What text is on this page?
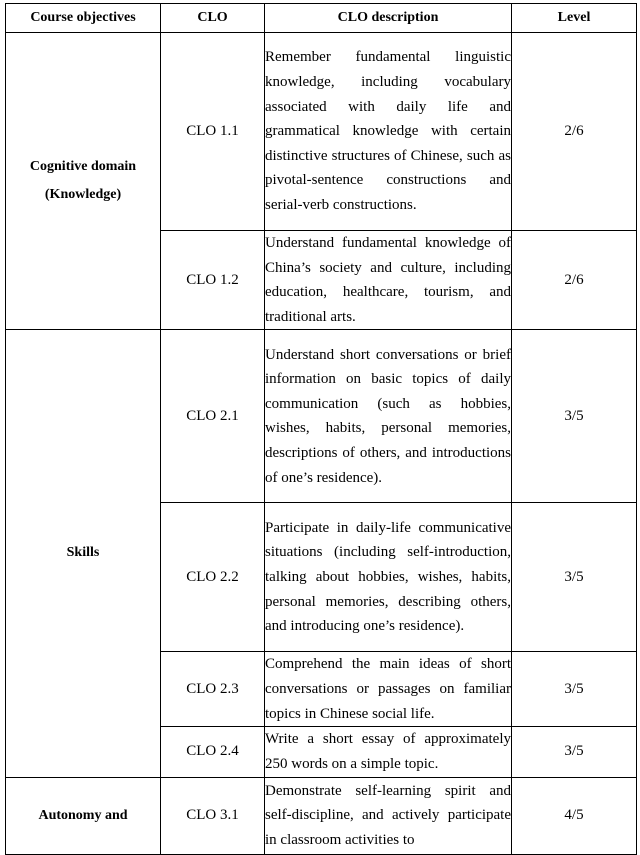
Course objectives	CLO	CLO description	Level

Cognitive domain
(Knowledge)	CLO 1.1	Remember fundamental linguistic knowledge, including vocabulary associated with daily life and grammatical knowledge with certain distinctive structures of Chinese, such as pivotal-sentence constructions and serial-verb constructions.	2/6
	CLO 1.2	Understand fundamental knowledge of China’s society and culture, including education, healthcare, tourism, and traditional arts.	2/6
Skills	CLO 2.1	Understand short conversations or brief information on basic topics of daily communication (such as hobbies, wishes, habits, personal memories, descriptions of others, and introductions of one’s residence).	3/5
	CLO 2.2	Participate in daily-life communicative situations (including self-introduction, talking about hobbies, wishes, habits, personal memories, describing others, and introducing one’s residence).	3/5
	CLO 2.3	Comprehend the main ideas of short conversations or passages on familiar topics in Chinese social life.	3/5
	CLO 2.4	Write a short essay of approximately 250 words on a simple topic.	3/5
Autonomy and	CLO 3.1	Demonstrate self-learning spirit and self-discipline, and actively participate in classroom activities to	4/5
